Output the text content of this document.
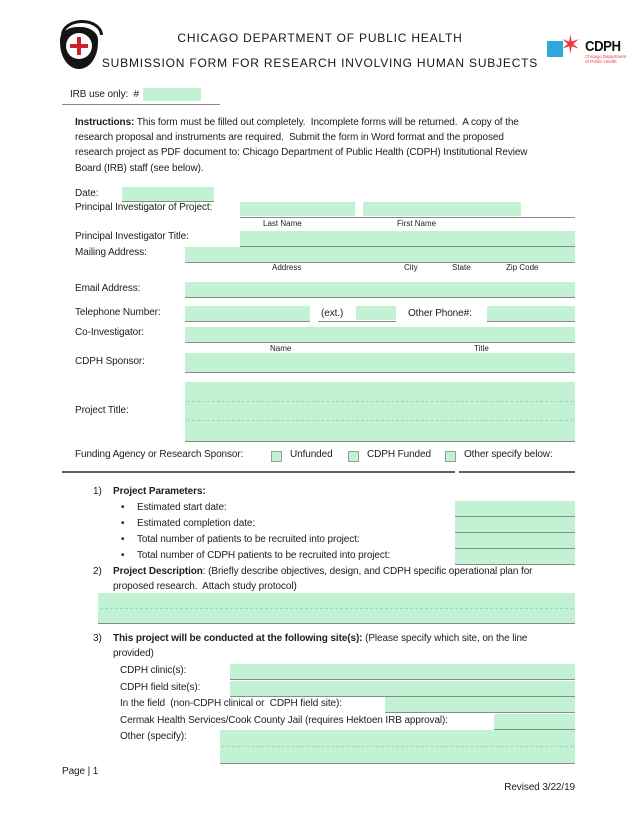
CHICAGO DEPARTMENT OF PUBLIC HEALTH
SUBMISSION FORM FOR RESEARCH INVOLVING HUMAN SUBJECTS
✶ CDPH
Chicago Department
of Public Health
IRB use only:  #
Instructions: This form must be filled out completely.  Incomplete forms will be returned.  A copy of the
research proposal and instruments are required.  Submit the form in Word format and the proposed
research project as PDF document to: Chicago Department of Public Health (CDPH) Institutional Review
Board (IRB) staff (see below).
Date:
Principal Investigator of Project:
Last Name	First Name
Principal Investigator Title:
Mailing Address:
Address	City	State	Zip Code
Email Address:
Telephone Number:	(ext.)	Other Phone#:
Co-Investigator:
Name	Title
CDPH Sponsor:
Project Title:
Funding Agency or Research Sponsor:	Unfunded	CDPH Funded	Other specify below:
1) Project Parameters:
• Estimated start date:
• Estimated completion date:
• Total number of patients to be recruited into project:
• Total number of CDPH patients to be recruited into project:
2) Project Description: (Briefly describe objectives, design, and CDPH specific operational plan for
proposed research.  Attach study protocol)
3) This project will be conducted at the following site(s): (Please specify which site, on the line
provided)
CDPH clinic(s):
CDPH field site(s):
In the field  (non-CDPH clinical or  CDPH field site):
Cermak Health Services/Cook County Jail (requires Hektoen IRB approval):
Other (specify):
Page | 1
Revised 3/22/19
